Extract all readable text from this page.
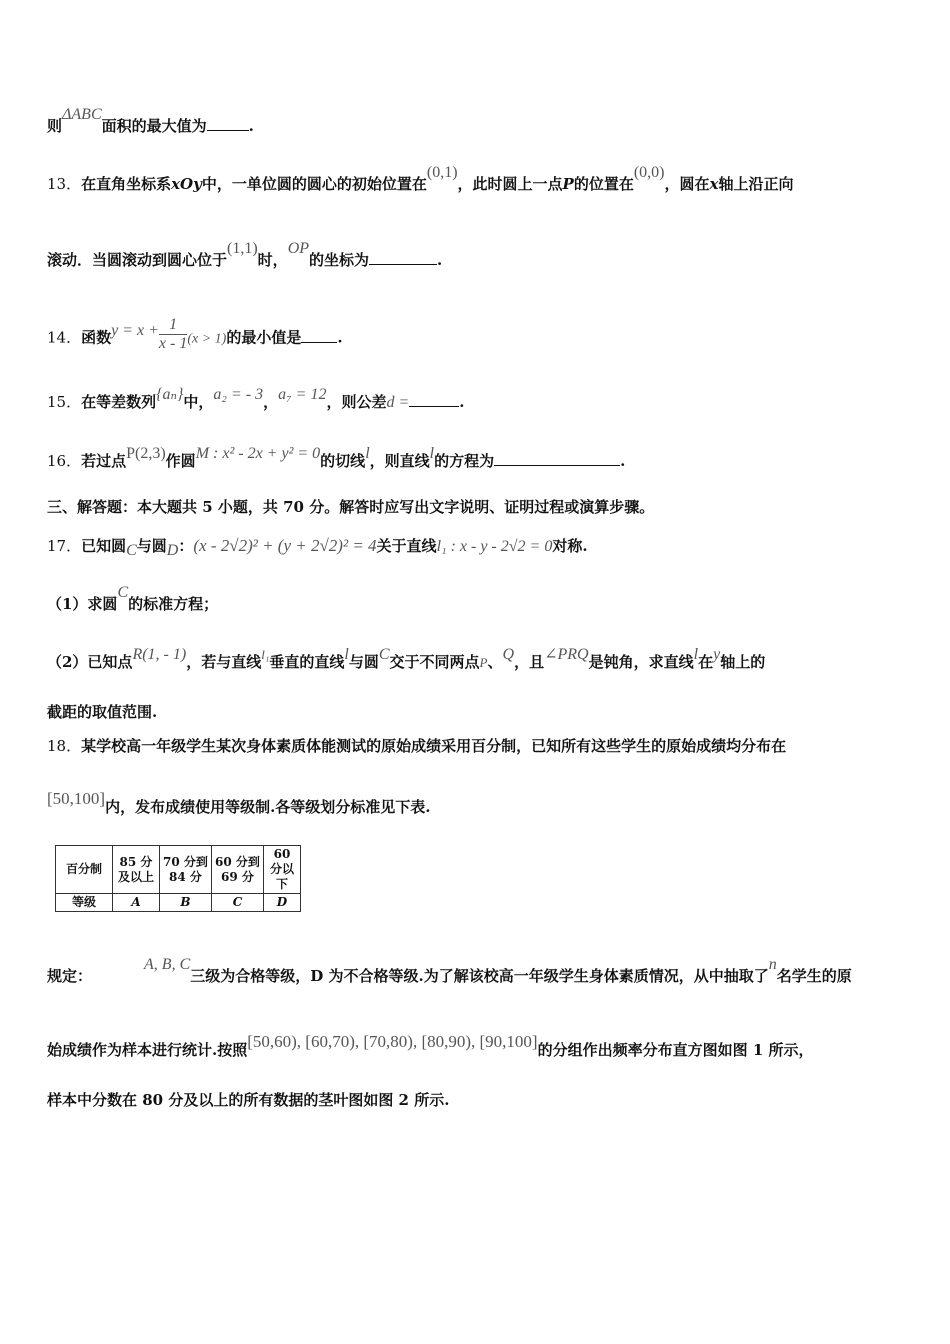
则ΔABC面积的最大值为	.
13．在直角坐标系xOy中，一单位圆的圆心的初始位置在(0,1)，此时圆上一点P的位置在(0,0)，圆在x轴上沿正向
滚动．当圆滚动到圆心位于(1,1)时，OP的坐标为	.
14．函数$y = x + \frac{1}{x - 1} (x > 1)$的最小值是 .
15．在等差数列{aₙ}中，a₂ = - 3，a₇ = 12，则公差d =	.
16．若过点P(2,3)作圆M : x² - 2x + y² = 0的切线l，则直线l的方程为	.
三、解答题：本大题共 5 小题，共 70 分。解答时应写出文字说明、证明过程或演算步骤。
17．已知圆C与圆D：(x - 2√2)² + (y + 2√2)² = 4关于直线l₁ : x - y - 2√2 = 0对称.
（1）求圆C的标准方程；
（2）已知点R(1, - 1)，若与直线l₁垂直的直线l与圆C交于不同两点P、Q，且∠PRQ是钝角，求直线l在y轴上的
截距的取值范围.
18．某学校高一年级学生某次身体素质体能测试的原始成绩采用百分制，已知所有这些学生的原始成绩均分布在
[50,100]内，发布成绩使用等级制.各等级划分标准见下表.
百分制	85 分及以上	70 分到 84 分	60 分到 69 分	60 分以下
等级	A	B	C	D
规定：A, B, C三级为合格等级，D 为不合格等级.为了解该校高一年级学生身体素质情况，从中抽取了n名学生的原
始成绩作为样本进行统计.按照[50,60), [60,70), [70,80), [80,90), [90,100]的分组作出频率分布直方图如图 1 所示，
样本中分数在 80 分及以上的所有数据的茎叶图如图 2 所示.
